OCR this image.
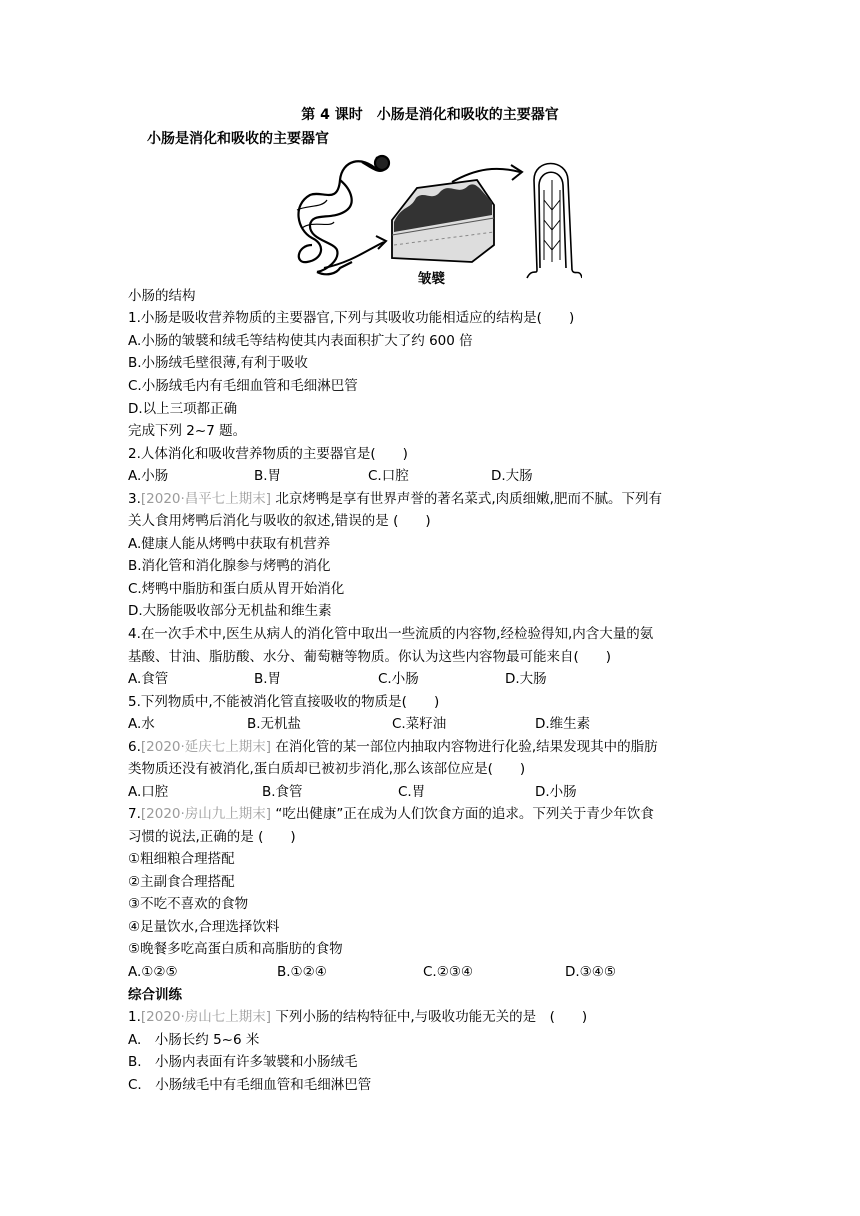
第 4 课时　小肠是消化和吸收的主要器官
小肠是消化和吸收的主要器官
皱襞
小肠的结构
1.小肠是吸收营养物质的主要器官,下列与其吸收功能相适应的结构是(　　)
A.小肠的皱襞和绒毛等结构使其内表面积扩大了约 600 倍
B.小肠绒毛壁很薄,有利于吸收
C.小肠绒毛内有毛细血管和毛细淋巴管
D.以上三项都正确
完成下列 2~7 题。
2.人体消化和吸收营养物质的主要器官是(　　)
A.小肠	B.胃	C.口腔	D.大肠
3.[2020·昌平七上期末] 北京烤鸭是享有世界声誉的著名菜式,肉质细嫩,肥而不腻。下列有
关人食用烤鸭后消化与吸收的叙述,错误的是 (　　)
A.健康人能从烤鸭中获取有机营养
B.消化管和消化腺参与烤鸭的消化
C.烤鸭中脂肪和蛋白质从胃开始消化
D.大肠能吸收部分无机盐和维生素
4.在一次手术中,医生从病人的消化管中取出一些流质的内容物,经检验得知,内含大量的氨
基酸、甘油、脂肪酸、水分、葡萄糖等物质。你认为这些内容物最可能来自(　　)
A.食管	B.胃	C.小肠	D.大肠
5.下列物质中,不能被消化管直接吸收的物质是(　　)
A.水	B.无机盐	C.菜籽油	D.维生素
6.[2020·延庆七上期末] 在消化管的某一部位内抽取内容物进行化验,结果发现其中的脂肪
类物质还没有被消化,蛋白质却已被初步消化,那么该部位应是(　　)
A.口腔	B.食管	C.胃	D.小肠
7.[2020·房山九上期末] “吃出健康”正在成为人们饮食方面的追求。下列关于青少年饮食
习惯的说法,正确的是 (　　)
①粗细粮合理搭配
②主副食合理搭配
③不吃不喜欢的食物
④足量饮水,合理选择饮料
⑤晚餐多吃高蛋白质和高脂肪的食物
A.①②⑤	B.①②④	C.②③④	D.③④⑤
综合训练
1.[2020·房山七上期末] 下列小肠的结构特征中,与吸收功能无关的是　(　　)
A.　小肠长约 5~6 米
B.　小肠内表面有许多皱襞和小肠绒毛
C.　小肠绒毛中有毛细血管和毛细淋巴管
